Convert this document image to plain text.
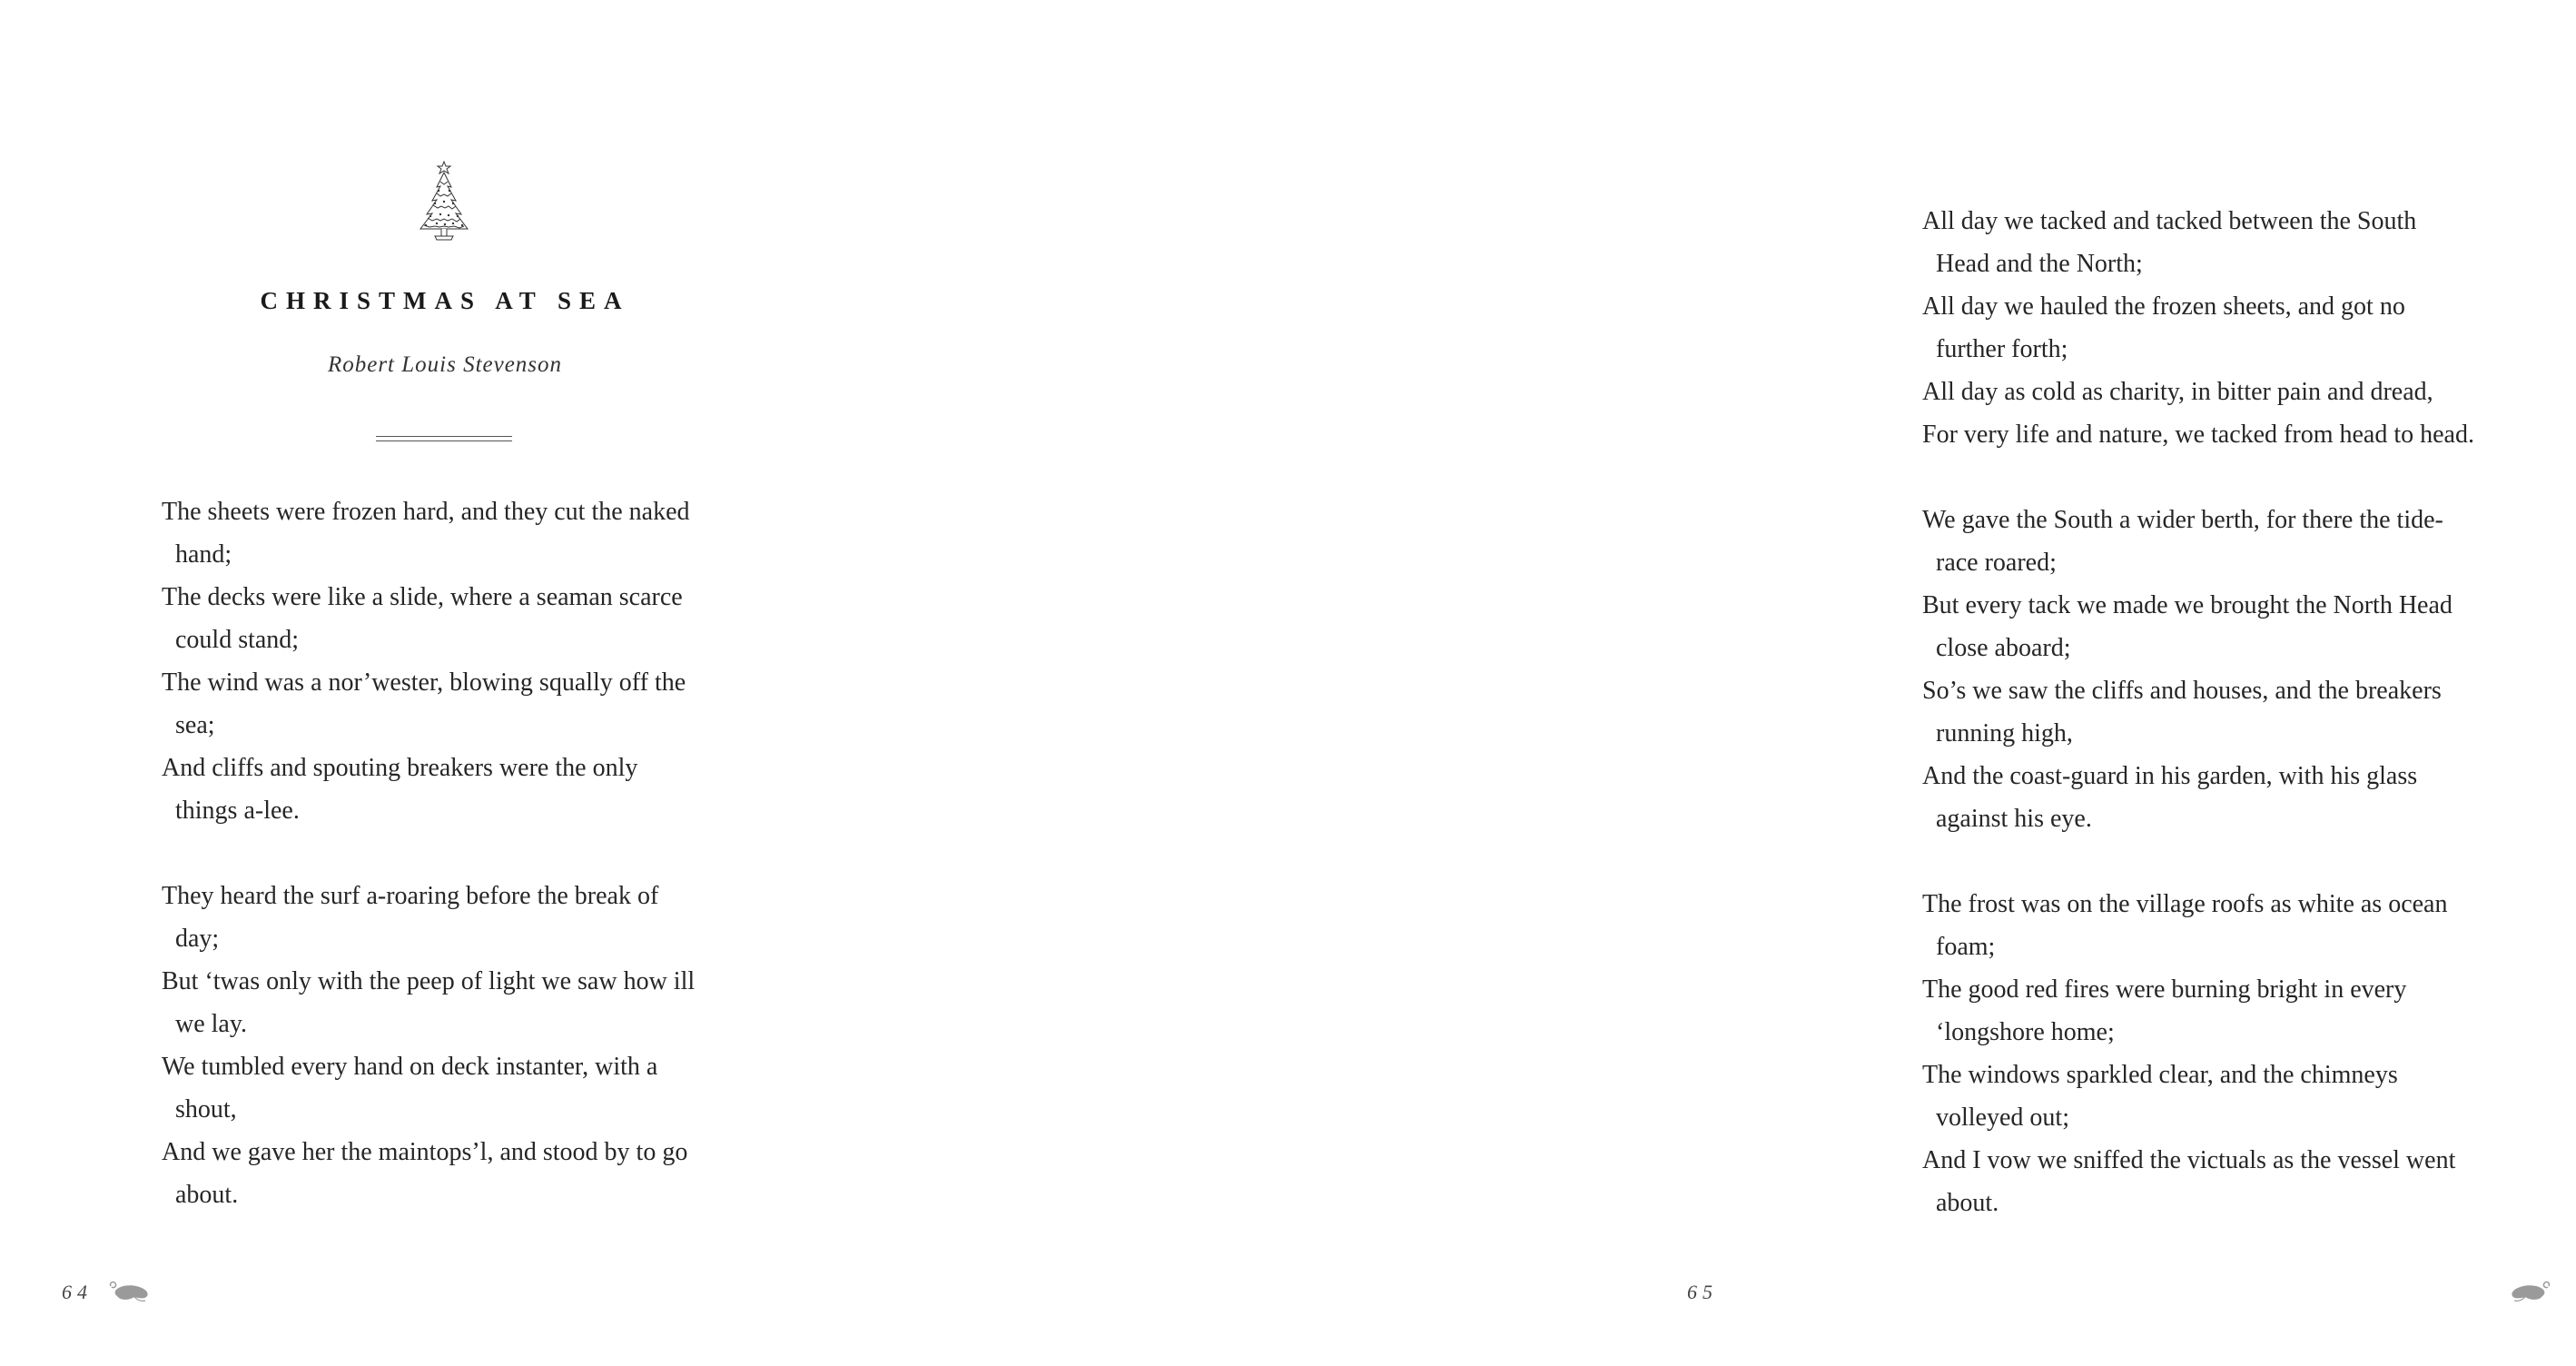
CHRISTMAS AT SEA
Robert Louis Stevenson
The sheets were frozen hard, and they cut the naked
hand;
The decks were like a slide, where a seaman scarce
could stand;
The wind was a nor’wester, blowing squally off the
sea;
And cliffs and spouting breakers were the only
things a-lee.
They heard the surf a-roaring before the break of
day;
But ‘twas only with the peep of light we saw how ill
we lay.
We tumbled every hand on deck instanter, with a
shout,
And we gave her the maintops’l, and stood by to go
about.
64
All day we tacked and tacked between the South
Head and the North;
All day we hauled the frozen sheets, and got no
further forth;
All day as cold as charity, in bitter pain and dread,
For very life and nature, we tacked from head to head.
We gave the South a wider berth, for there the tide-
race roared;
But every tack we made we brought the North Head
close aboard;
So’s we saw the cliffs and houses, and the breakers
running high,
And the coast-guard in his garden, with his glass
against his eye.
The frost was on the village roofs as white as ocean
foam;
The good red fires were burning bright in every
‘longshore home;
The windows sparkled clear, and the chimneys
volleyed out;
And I vow we sniffed the victuals as the vessel went
about.
65
